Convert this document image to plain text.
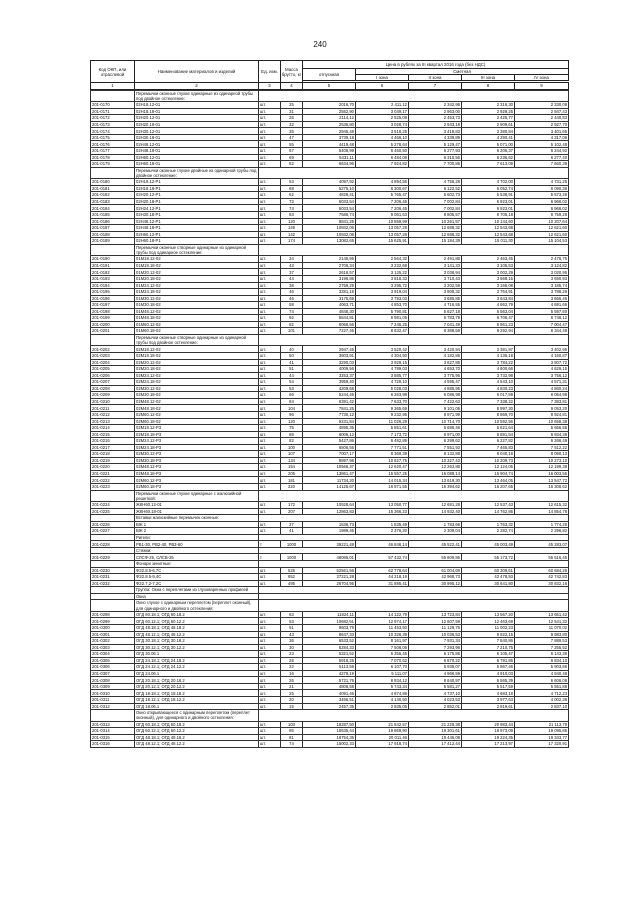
240
Код ОКП, или отраслевой	Наименование материалов и изделий	Ед. изм.	Масса брутто, кг	Цена в рублях за III квартал 2016 года (без НДС)				
				отпускная	Сметная			
					I зона	II зона	III зона	IV зона

1	2	3	4	5	6	7	8	9
	Перемычки оконные глухие одинарные из одинарной трубы под двойное остекление:							
201-0170	02Н18.12-01	шт.	25	2016,70	2 411,12	2 342,98	2 316,30	2 330,06
201-0171	02Н18.18-01	шт.	31	2552,90	3 049,17	2 963,00	2 929,25	2 947,43
201-0172	02Н20.12-01	шт.	26	2114,12	2 525,08	2 453,73	2 425,77	2 440,83
201-0173	02Н20.18-01	шт.	32	2535,80	3 028,74	2 943,18	2 909,61	2 927,70
201-0174	02Н30.12-01	шт.	35	2945,48	3 518,25	3 418,83	3 380,84	3 401,65
201-0175	02Н30.18-01	шт.	47	3739,18	4 466,10	4 339,89	4 290,41	4 317,06
201-0176	02Н48.12-01	шт.	55	4419,48	5 278,64	5 129,47	5 071,00	5 102,48
201-0177	02Н48.18-01	шт.	67	5408,99	6 460,50	6 277,93	6 206,37	6 244,92
201-0178	02Н60.12-01	шт.	69	5431,11	6 484,08	6 310,56	6 236,62	6 277,40
201-0179	02Н60.18-01	шт.	82	6634,96	7 924,82	7 700,86	7 613,09	7 660,39
	Перемычки оконные глухие двойные из одинарной трубы под двойное остекление:							
201-0180	02Н18.12-Р1	шт.	53	4097,92	4 894,56	4 756,28	4 702,00	4 731,25
201-0181	02Н18.18-Р1	шт.	68	5275,10	6 300,67	6 122,52	6 052,74	6 090,36
201-0182	02Н20.12-Р1	шт.	62	4828,41	5 765,47	5 602,73	5 538,91	5 573,26
201-0183	02Н20.18-Р1	шт.	72	6033,54	7 206,45	7 002,84	6 923,01	6 966,02
201-0184	02Н24.12-Р1	шт.	74	6033,54	7 206,45	7 002,84	6 923,01	6 966,02
201-0185	02Н30.18-Р1	шт.	83	7586,74	9 061,63	8 805,57	8 705,18	8 759,28
201-0186	02Н48.12-Р1	шт.	120	8841,25	10 559,99	10 261,57	10 144,60	10 207,64
201-0187	02Н48.18-Р1	шт.	149	10932,06	13 057,28	12 688,32	12 543,68	12 621,60
201-0188	02Н60.12-Р1	шт.	142	10932,06	13 057,28	12 688,32	12 543,68	12 621,60
201-0189	02Н60.18-Р1	шт.	174	13082,65	15 625,91	15 184,39	15 011,30	15 104,53
	Перемычки оконные створные одинарные из одинарной трубы под одинарное остекление:							
201-0190	01М18.12-02	шт.	34	2145,95	2 564,32	2 491,86	2 463,45	2 478,75
201-0191	01М18.18-02	шт.	43	2706,34	3 232,68	3 141,33	3 105,53	3 124,82
201-0192	01М20.12-02	шт.	37	2618,57	3 125,22	3 036,94	3 002,29	3 020,95
201-0193	01М20.18-02	шт.	44	3196,86	3 818,33	3 710,43	3 668,15	3 690,93
201-0194	01М24.12-02	шт.	38	2759,29	3 295,72	3 202,59	3 166,08	3 185,74
201-0195	01М24.18-02	шт.	46	3281,18	3 919,04	3 808,32	3 764,91	3 788,29
201-0196	01М30.12-02	шт.	46	3175,69	3 793,03	3 685,85	3 643,84	3 666,46
201-0197	01М30.18-02	шт.	58	4063,71	4 853,70	4 716,55	4 662,79	4 691,66
201-0198	01М48.12-02	шт.	74	4848,30	5 790,81	5 627,18	5 563,04	5 597,60
201-0199	01М48.18-02	шт.	92	5844,81	6 981,05	6 783,79	6 706,47	6 748,12
201-0200	01М60.12-02	шт.	82	6066,56	7 245,25	7 041,49	6 961,23	7 004,47
201-0201	01М60.18-02	шт.	101	7227,46	8 632,47	8 388,59	8 292,94	8 344,48
	Перемычки оконные створные одинарные из одинарной трубы под двойное остекление:							
201-0202	02М18.12-02	шт.	40	2947,45	3 520,42	3 420,94	3 381,97	3 402,95
201-0203	02М18.18-02	шт.	50	3603,91	4 304,50	4 182,86	4 135,18	4 160,87
201-0204	02М20.12-02	шт.	41	3290,03	3 929,15	3 827,85	3 784,22	3 807,72
201-0205	02М20.18-02	шт.	51	4009,56	4 789,03	4 653,70	4 600,66	4 629,15
201-0206	02М24.12-02	шт.	44	3253,37	3 885,77	3 775,95	3 732,98	3 756,12
201-0207	02М24.18-02	шт.	54	3959,40	4 729,10	4 595,47	4 543,10	4 571,31
201-0208	02М30.12-02	шт.	53	4209,68	5 028,03	4 885,95	4 830,23	4 860,24
201-0209	02М30.18-02	шт.	66	5244,45	6 263,98	6 086,98	6 017,59	6 054,96
201-0210	02М48.12-02	шт.	84	6391,42	7 633,70	7 422,63	7 338,22	7 383,81
201-0211	02М48.18-02	шт.	104	7841,25	9 365,69	9 101,06	8 997,30	9 053,20
201-0212	02М60.12-02	шт.	96	7730,12	9 232,95	8 971,99	8 869,70	8 924,81
201-0213	02М60.18-02	шт.	120	9231,84	11 026,29	10 714,70	10 592,56	10 658,38
201-0214	02М18.12-Р3	шт.	75	4895,35	5 851,61	5 686,46	5 621,64	5 656,55
201-0215	02М18.18-Р3	шт.	88	6006,12	7 173,72	6 971,00	6 891,54	6 934,36
201-0216	02М24.12-Р3	шт.	82	5427,86	6 482,89	6 299,62	6 227,82	6 266,49
201-0217	02М24.18-Р3	шт.	100	6506,55	7 771,51	7 551,92	7 465,83	7 512,22
201-0218	02М30.12-Р3	шт.	107	7007,17	8 369,39	8 132,88	8 040,18	8 090,13
201-0219	02М30.18-Р3	шт.	134	8897,98	10 627,75	10 327,43	10 209,73	10 273,10
201-0220	02М48.12-Р3	шт.	154	10566,37	12 620,47	12 263,86	12 124,05	12 199,38
201-0221	02М48.18-Р3	шт.	205	13861,47	16 557,25	16 088,14	15 904,74	16 003,55
201-0222	02М60.12-Р3	шт.	181	11734,20	14 015,34	13 619,30	13 464,05	13 547,72
201-0223	02М60.18-Р3	шт.	220	14125,67	16 871,55	16 394,62	16 207,65	16 308,62
	Перемычки оконные глухие одинарные с жалюзийной решеткой:							
201-0224	ЖКН60.12-01	шт.	172	10928,64	13 050,77	12 681,28	12 537,43	12 615,32
201-0225	ЖКН60.18-01	шт.	207	12863,83	15 366,23	14 932,40	14 762,86	14 854,78
	Вставки жалюзийные перемычек оконные:							
201-0226	ВЖ 1	шт.	27	1536,73	1 835,49	1 783,66	1 763,32	1 774,26
201-0227	ВЖ 2	шт.	41	1989,46	2 376,20	2 309,04	2 282,74	2 296,82
	Ригели:							
201-0228	РВ1-30, РВ2-40, РВ3-60	т	1000	39221,48	46 846,14	45 522,41	45 003,49	45 283,07
	Стяжки:							
201-0229	СЛСФ-25, СЛСВ-25	т	1000	48085,01	57 432,74	55 809,86	55 173,72	55 516,45
	Фонари зенитные:							
201-0230	ФЗ2.8.5-6,7С	шт.	525	52561,56	62 778,64	61 004,69	60 309,61	60 684,26
201-0231	ФЗ2.8.5-9,4С	шт.	652	37221,28	44 218,19	42 968,73	42 478,93	42 742,83
201-0232	ФЗ2.7,2-7,2С	шт.	495	26704,95	31 895,41	30 995,12	30 641,80	30 832,16
	Группа: Окна с переплетами из глуховаренных профилей							
	Окна							
	Окно глухое с одинарным переплетом (переплет оконный), для одинарного и двойного остекления:							
201-0298	ОГД 60.18.1; ОГД 60.18.2	шт.	63	11824,11	14 122,79	13 723,84	13 567,20	13 651,42
201-0299	ОГД 60.12.1; ОГД 60.12.2	шт.	53	10682,51	12 974,17	12 607,59	12 463,69	12 541,32
201-0300	ОГД 48.18.1; ОГД 48.18.2	шт.	51	9603,79	11 453,50	11 129,75	11 002,23	11 070,02
201-0301	ОГД 48.12.1; ОГД 48.12.2	шт.	43	8647,33	10 328,39	10 036,53	9 922,15	9 983,80
201-0302	ОГД 30.18.1; ОГД 30.18.2	шт.	36	6533,52	8 161,97	7 931,34	7 840,86	7 889,53
201-0303	ОГД 30.12.1; ОГД 30.12.2	шт.	30	6284,33	7 506,06	7 293,96	7 210,75	7 255,52
201-0304	ОГД 30.06.1	шт.	23	5321,52	6 355,45	6 175,86	6 105,47	6 143,36
201-0305	ОГД 24.18.1; ОГД 24.18.2	шт.	26	5918,25	7 070,62	6 870,22	6 791,86	6 834,10
201-0306	ОГД 24.12.1; ОГД 24.12.2	шт.	22	5113,59	6 107,70	5 935,07	5 867,46	5 903,86
201-0307	ОГД 24.06.1	шт.	16	4279,19	5 111,07	4 966,59	4 910,03	4 940,48
201-0308	ОГД 20.18.1; ОГД 20.18.2	шт.	26	5721,76	6 834,12	6 640,97	6 565,39	6 606,06
201-0309	ОГД 20.12.1; ОГД 20.12.2	шт.	21	4808,58	5 743,34	5 581,27	5 517,59	5 551,86
201-0310	ОГД 18.18.1; ОГД 18.18.2	шт.	25	4091,46	4 874,86	4 737,10	4 683,18	4 712,23
201-0311	ОГД 18.12.1; ОГД 18.12.2	шт.	20	3466,51	4 140,50	4 023,53	3 977,63	4 002,36
201-0312	ОГД 18.06.1	шт.	15	2457,35	2 935,05	2 852,01	2 819,61	2 837,10
	Окно открывающееся с одинарным переплетом (переплет оконный), для одинарного и двойного остекления:							
201-0313	ОГД 60.18.1; ОГД 60.18.2	шт.	103	18287,50	21 842,57	21 225,38	20 983,44	21 113,79
201-0314	ОГД 60.12.1; ОГД 60.12.2	шт.	85	16635,44	19 869,90	19 301,61	18 973,09	19 095,85
201-0315	ОГД 48.18.1; ОГД 48.18.2	шт.	81	16754,35	20 011,46	19 446,08	19 224,35	19 343,77
201-0316	ОГД 48.12.1; ОГД 48.12.2	шт.	74	15002,33	17 918,74	17 412,44	17 213,97	17 320,91
